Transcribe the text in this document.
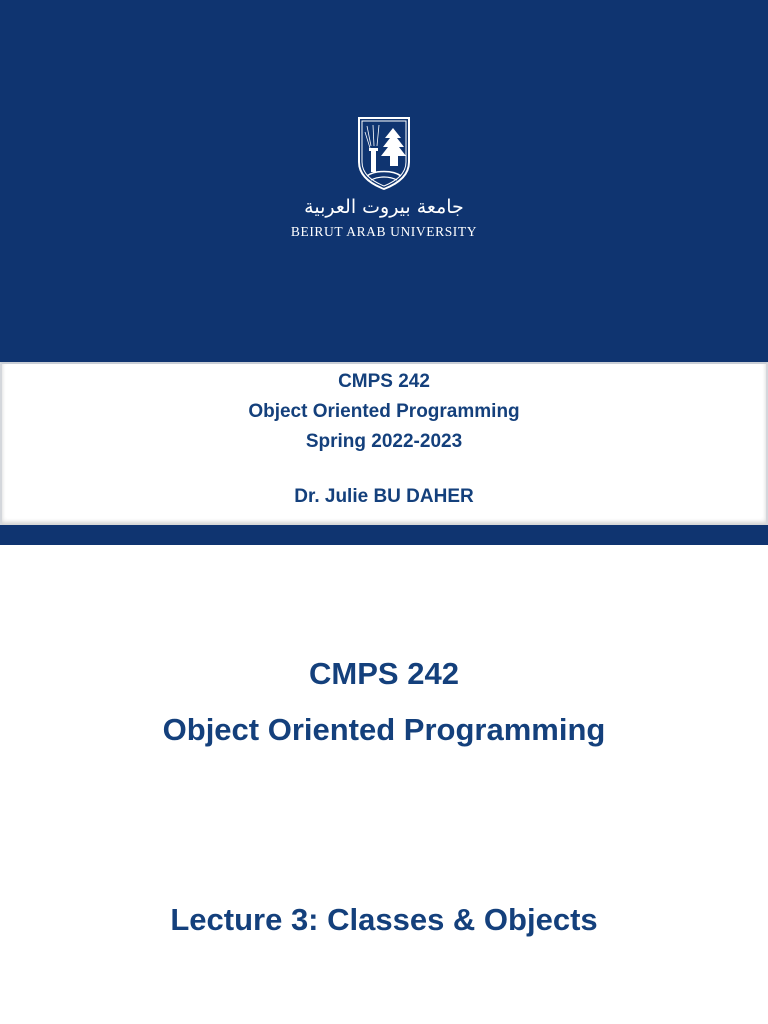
جامعة بيروت العربية
BEIRUT ARAB UNIVERSITY
CMPS 242
Object Oriented Programming
Spring 2022-2023
Dr. Julie BU DAHER
CMPS 242
Object Oriented Programming
Lecture 3: Classes & Objects
